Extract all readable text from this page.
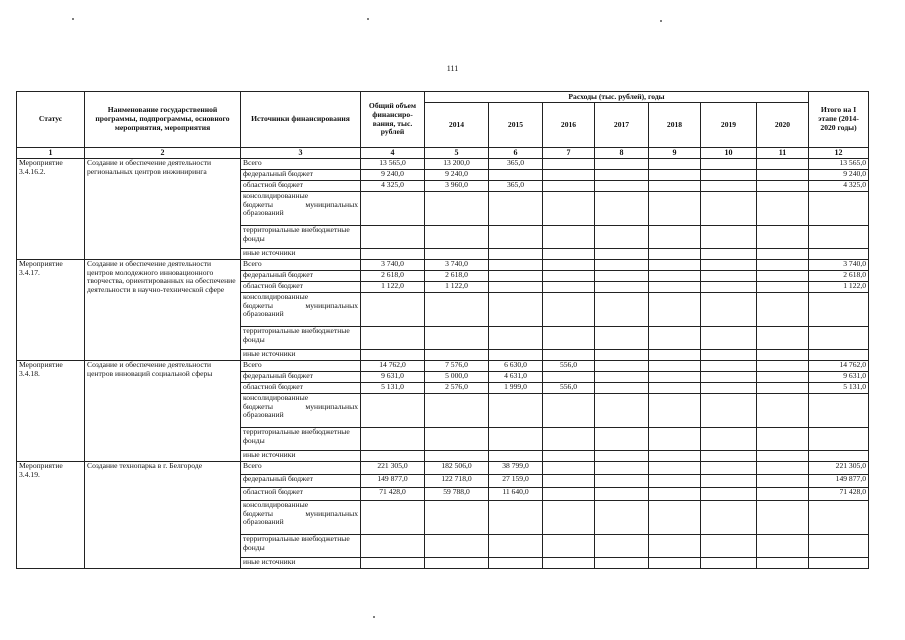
111
Статус	Наименование государственной программы, подпрограммы, основного мероприятия, мероприятия	Источники финансирования	Общий объем финансиро-вания, тыс. рублей	Расходы (тыс. рублей), годы							Итого на I этапе (2014-2020 годы)
				2014	2015	2016	2017	2018	2019	2020	
1	2	3	4	5	6	7	8	9	10	11	12
Мероприятие 3.4.16.2.	Создание и обеспечение деятельности региональных центров инжиниринга	Всего	13 565,0	13 200,0	365,0						13 565,0

		федеральный бюджет	9 240,0	9 240,0							9 240,0

		областной бюджет	4 325,0	3 960,0	365,0						4 325,0

		консолидированные
бюджеты муниципальных
образований									

		территориальные внебюджетные фонды									

		иные источники									

Мероприятие 3.4.17.	Создание и обеспечение деятельности центров молодежного инновационного творчества, ориентированных на обеспечение деятельности в научно-технической сфере	Всего	3 740,0	3 740,0							3 740,0

		федеральный бюджет	2 618,0	2 618,0							2 618,0

		областной бюджет	1 122,0	1 122,0							1 122,0

		консолидированные
бюджеты муниципальных
образований									

		территориальные внебюджетные фонды									

		иные источники									

Мероприятие 3.4.18.	Создание и обеспечение деятельности центров инноваций социальной сферы	Всего	14 762,0	7 576,0	6 630,0	556,0					14 762,0

		федеральный бюджет	9 631,0	5 000,0	4 631,0						9 631,0

		областной бюджет	5 131,0	2 576,0	1 999,0	556,0					5 131,0

		консолидированные
бюджеты муниципальных
образований									

		территориальные внебюджетные фонды									

		иные источники									

Мероприятие 3.4.19.	Создание технопарка в г. Белгороде	Всего	221 305,0	182 506,0	38 799,0						221 305,0

		федеральный бюджет	149 877,0	122 718,0	27 159,0						149 877,0

		областной бюджет	71 428,0	59 788,0	11 640,0						71 428,0

		консолидированные
бюджеты муниципальных
образований									

		территориальные внебюджетные фонды									

		иные источники									
